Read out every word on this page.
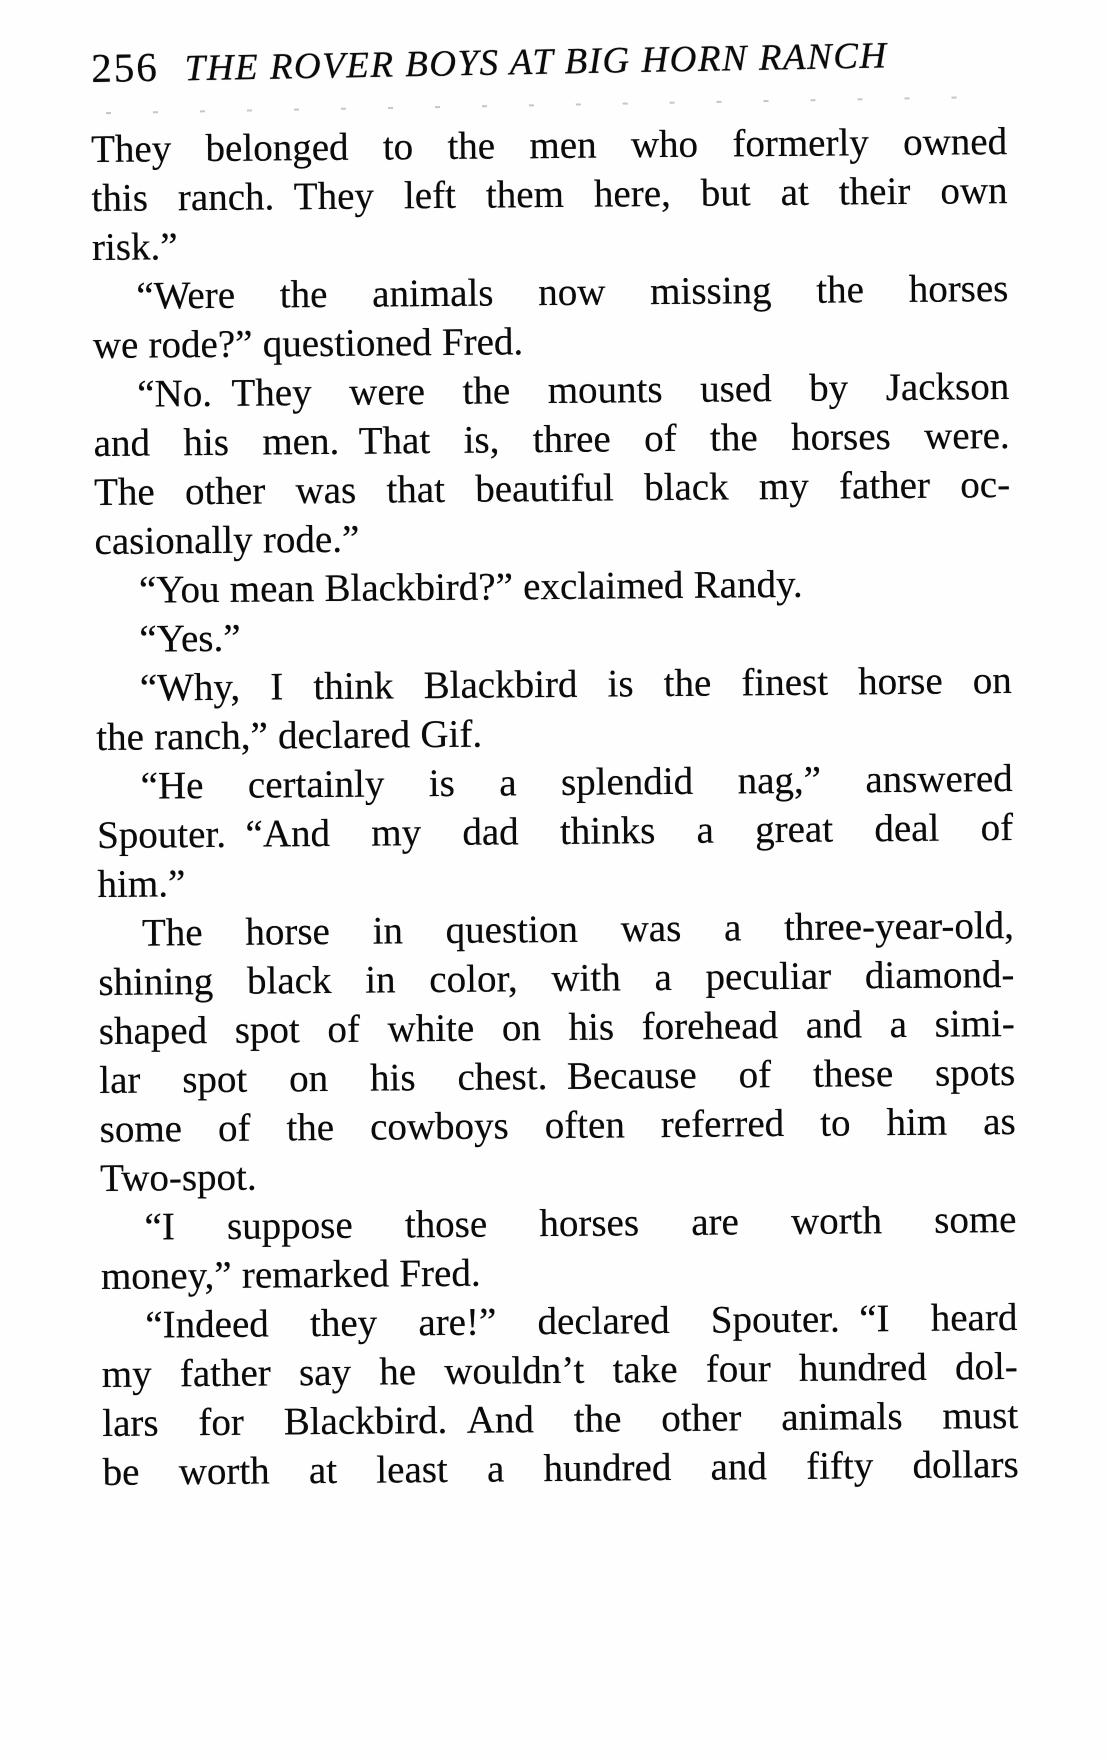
256 THE ROVER BOYS AT BIG HORN RANCH
They belonged to the men who formerly owned
this ranch. They left them here, but at their own
risk.”
“Were the animals now missing the horses
we rode?” questioned Fred.
“No. They were the mounts used by Jackson
and his men. That is, three of the horses were.
The other was that beautiful black my father oc-
casionally rode.”
“You mean Blackbird?” exclaimed Randy.
“Yes.”
“Why, I think Blackbird is the finest horse on
the ranch,” declared Gif.
“He certainly is a splendid nag,” answered
Spouter. “And my dad thinks a great deal of
him.”
The horse in question was a three-year-old,
shining black in color, with a peculiar diamond-
shaped spot of white on his forehead and a simi-
lar spot on his chest. Because of these spots
some of the cowboys often referred to him as
Two-spot.
“I suppose those horses are worth some
money,” remarked Fred.
“Indeed they are!” declared Spouter. “I heard
my father say he wouldn’t take four hundred dol-
lars for Blackbird. And the other animals must
be worth at least a hundred and fifty dollars
